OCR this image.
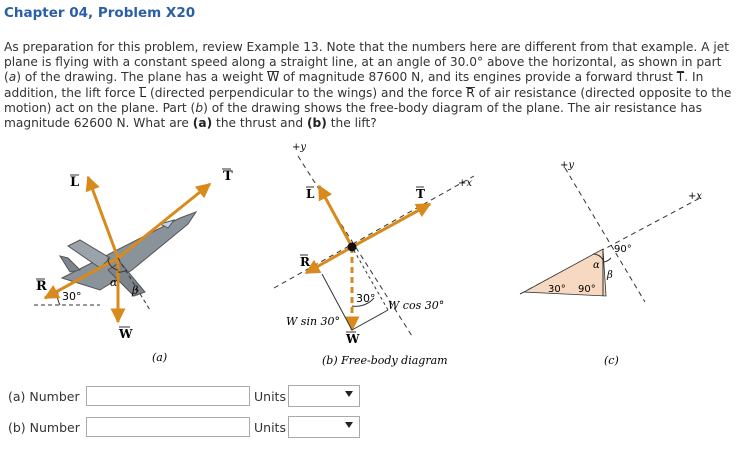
Chapter 04, Problem X20
As preparation for this problem, review Example 13. Note that the numbers here are different from that example. A jet plane is flying with a constant speed along a straight line, at an angle of 30.0° above the horizontal, as shown in part (a) of the drawing. The plane has a weight W of magnitude 87600 N, and its engines provide a forward thrust T. In addition, the lift force L (directed perpendicular to the wings) and the force R of air resistance (directed opposite to the motion) act on the plane. Part (b) of the drawing shows the free-body diagram of the plane. The air resistance has magnitude 62600 N. What are (a) the thrust and (b) the lift?
L	T
R
W
30°
α
β
(a)
+y
+x
L	T
R
W
30°
W sin 30°
W cos 30°
(b) Free-body diagram
+y
+x
90°
α
β
30° 90°
(c)
(a) Number	Units
(b) Number	Units
